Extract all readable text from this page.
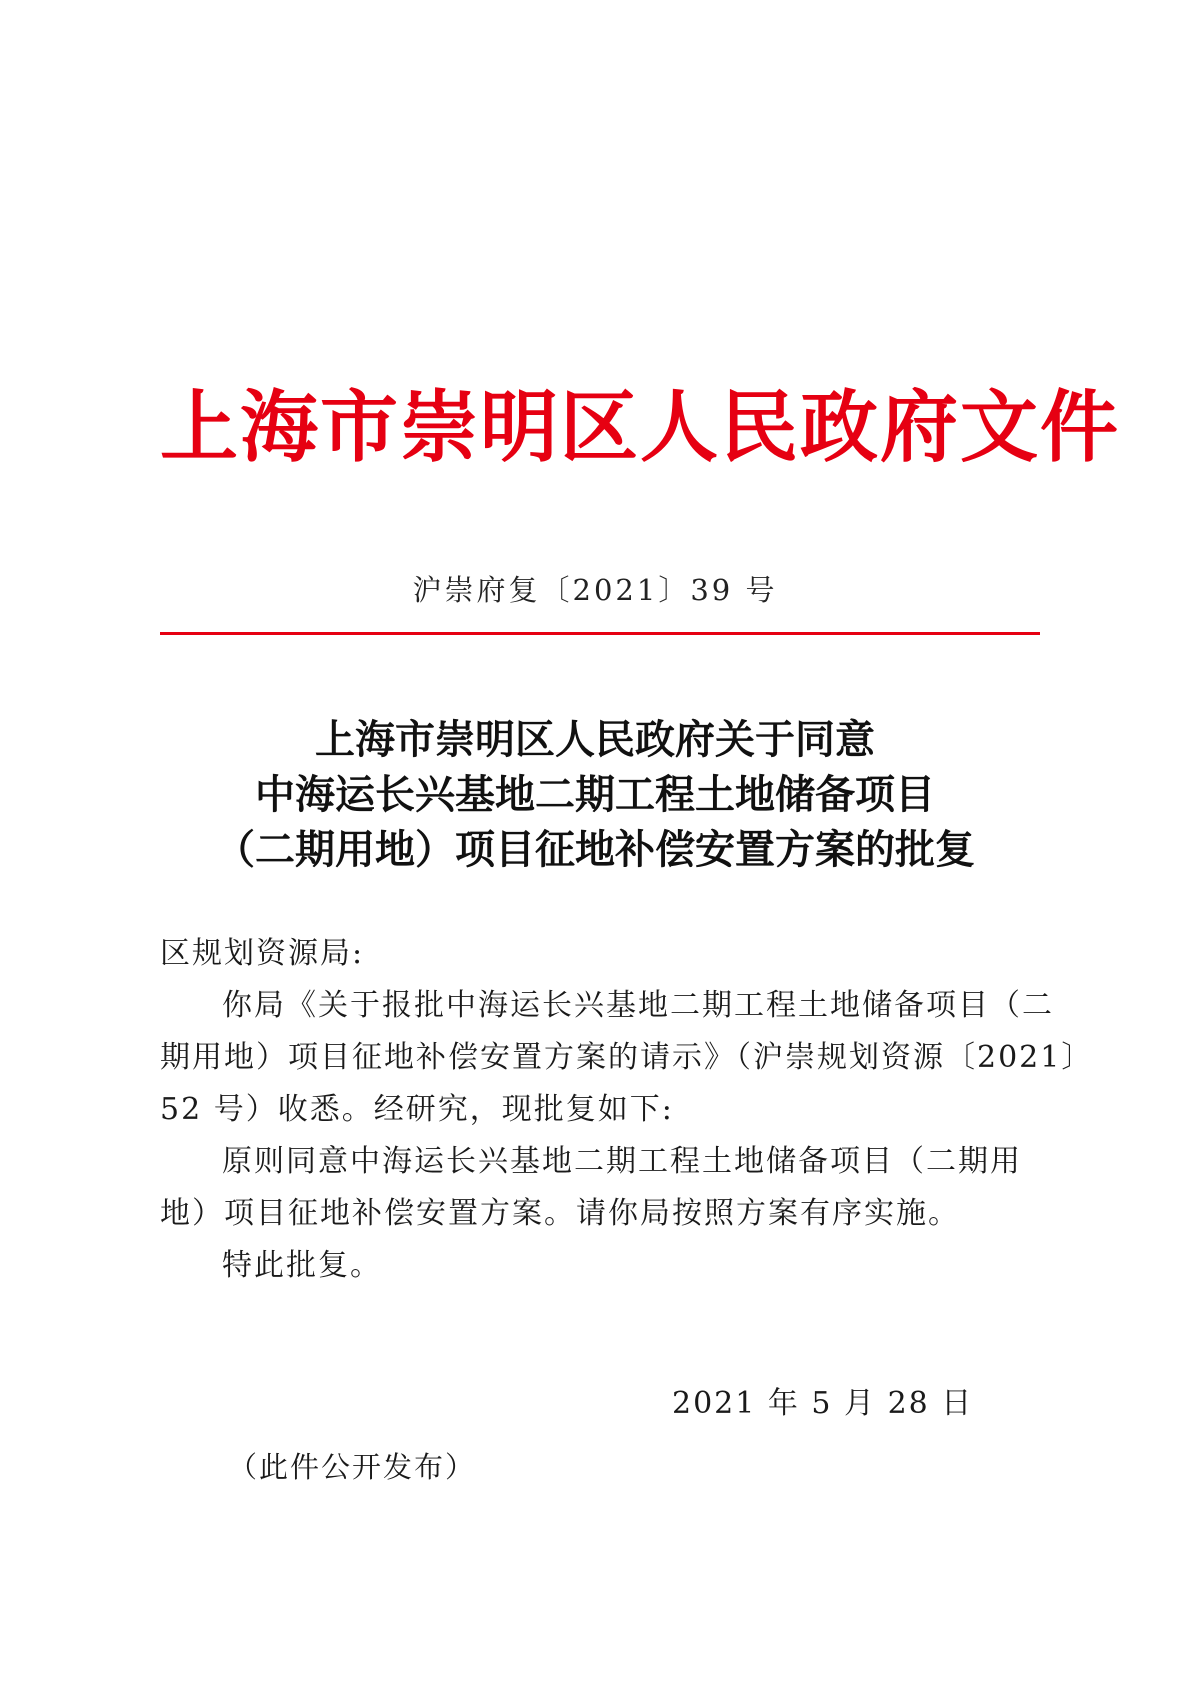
上海市崇明区人民政府文件
沪崇府复〔2021〕39 号
上海市崇明区人民政府关于同意
中海运长兴基地二期工程土地储备项目
（二期用地）项目征地补偿安置方案的批复
区规划资源局:
你局《关于报批中海运长兴基地二期工程土地储备项目（二
期用地）项目征地补偿安置方案的请示》（沪崇规划资源〔2021〕
52 号）收悉。经研究，现批复如下:
原则同意中海运长兴基地二期工程土地储备项目（二期用
地）项目征地补偿安置方案。请你局按照方案有序实施。
特此批复。
2021 年 5 月 28 日
（此件公开发布）
